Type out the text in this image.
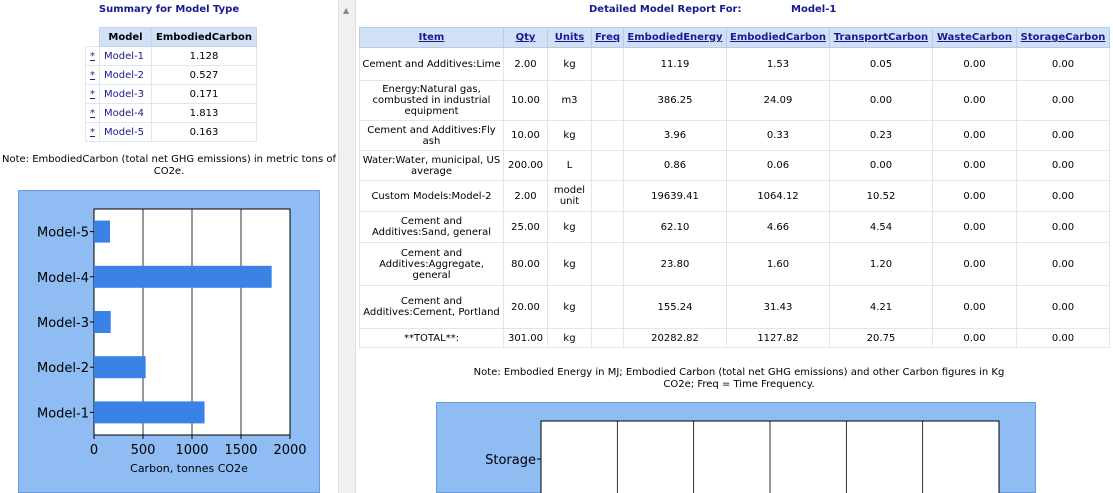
Summary for Model Type
	Model	EmbodiedCarbon
*	Model-1	1.128
*	Model-2	0.527
*	Model-3	0.171
*	Model-4	1.813
*	Model-5	0.163
Note: EmbodiedCarbon (total net GHG emissions) in metric tons of CO2e.
0 500 1000 1500 2000
Model-1
Model-2
Model-3
Model-4
Model-5
Carbon, tonnes CO2e
▲	Detailed Model Report For:	Model-1
Item	Qty	Units	Freq	EmbodiedEnergy	EmbodiedCarbon	TransportCarbon	WasteCarbon	StorageCarbon
Cement and Additives:Lime	2.00	kg		11.19	1.53	0.05	0.00	0.00
Energy:Natural gas, combusted in industrial equipment	10.00	m3		386.25	24.09	0.00	0.00	0.00
Cement and Additives:Fly ash	10.00	kg		3.96	0.33	0.23	0.00	0.00
Water:Water, municipal, US average	200.00	L		0.86	0.06	0.00	0.00	0.00
Custom Models:Model-2	2.00	model unit		19639.41	1064.12	10.52	0.00	0.00
Cement and Additives:Sand, general	25.00	kg		62.10	4.66	4.54	0.00	0.00
Cement and Additives:Aggregate, general	80.00	kg		23.80	1.60	1.20	0.00	0.00
Cement and Additives:Cement, Portland	20.00	kg		155.24	31.43	4.21	0.00	0.00
**TOTAL**:	301.00	kg		20282.82	1127.82	20.75	0.00	0.00
Note: Embodied Energy in MJ; Embodied Carbon (total net GHG emissions) and other Carbon figures in Kg CO2e; Freq = Time Frequency.
Storage
